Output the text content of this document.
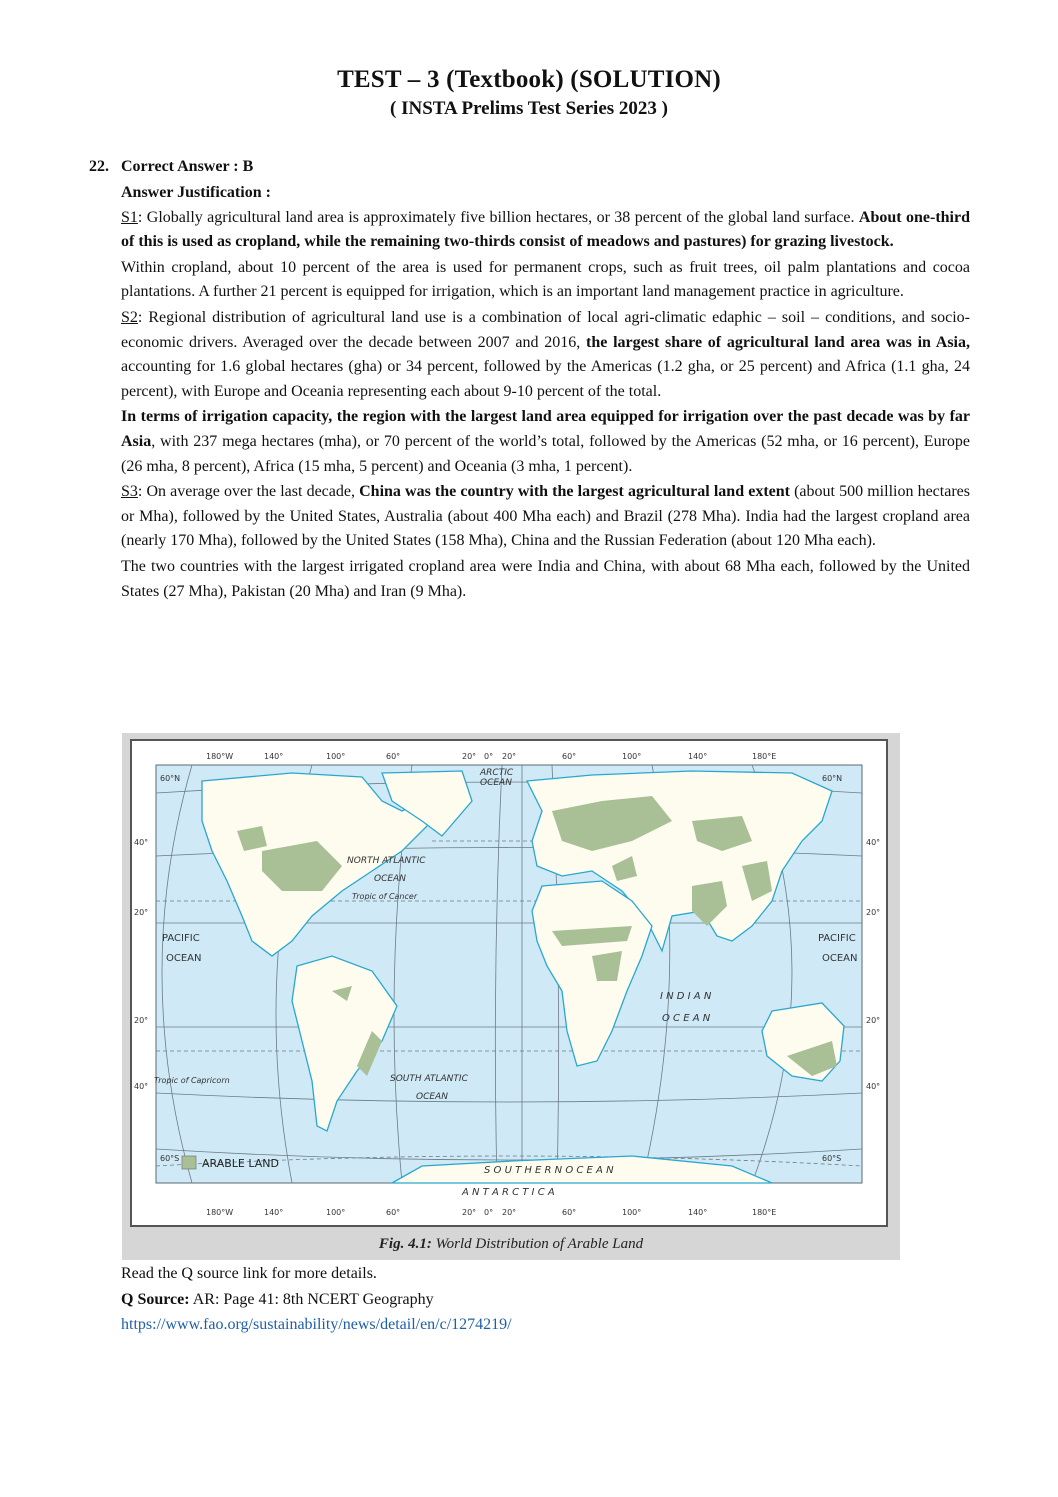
TEST – 3 (Textbook) (SOLUTION)
( INSTA Prelims Test Series 2023 )
22. Correct Answer : B

Answer Justification :

S1: Globally agricultural land area is approximately five billion hectares, or 38 percent of the global land surface. About one-third of this is used as cropland, while the remaining two-thirds consist of meadows and pastures) for grazing livestock.

Within cropland, about 10 percent of the area is used for permanent crops, such as fruit trees, oil palm plantations and cocoa plantations. A further 21 percent is equipped for irrigation, which is an important land management practice in agriculture.

S2: Regional distribution of agricultural land use is a combination of local agri-climatic edaphic – soil – conditions, and socio-economic drivers. Averaged over the decade between 2007 and 2016, the largest share of agricultural land area was in Asia, accounting for 1.6 global hectares (gha) or 34 percent, followed by the Americas (1.2 gha, or 25 percent) and Africa (1.1 gha, 24 percent), with Europe and Oceania representing each about 9-10 percent of the total.

In terms of irrigation capacity, the region with the largest land area equipped for irrigation over the past decade was by far Asia, with 237 mega hectares (mha), or 70 percent of the world’s total, followed by the Americas (52 mha, or 16 percent), Europe (26 mha, 8 percent), Africa (15 mha, 5 percent) and Oceania (3 mha, 1 percent).

S3: On average over the last decade, China was the country with the largest agricultural land extent (about 500 million hectares or Mha), followed by the United States, Australia (about 400 Mha each) and Brazil (278 Mha). India had the largest cropland area (nearly 170 Mha), followed by the United States (158 Mha), China and the Russian Federation (about 120 Mha each).

The two countries with the largest irrigated cropland area were India and China, with about 68 Mha each, followed by the United States (27 Mha), Pakistan (20 Mha) and Iran (9 Mha).

180°W	140°	100°	60°	20° 0° 20°	60°	100°	140°	180°E
180°W	140°	100°	60°	20° 0° 20°	60°	100°	140°	180°E
60°N
40°
20°
20°
40°
60°S
60°N
40°
20°
20°
40°
60°S
ARCTIC
OCEAN
NORTH ATLANTIC
OCEAN
Tropic of Cancer
PACIFIC
OCEAN
PACIFIC
OCEAN
I N D I A N
O C E A N
Tropic of Capricorn	SOUTH ATLANTIC
OCEAN
S O U T H E R N O C E A N
A N T A R C T I C A
ARABLE LAND
Fig. 4.1: World Distribution of Arable Land
Read the Q source link for more details.
Q Source: AR: Page 41: 8th NCERT Geography
https://www.fao.org/sustainability/news/detail/en/c/1274219/
